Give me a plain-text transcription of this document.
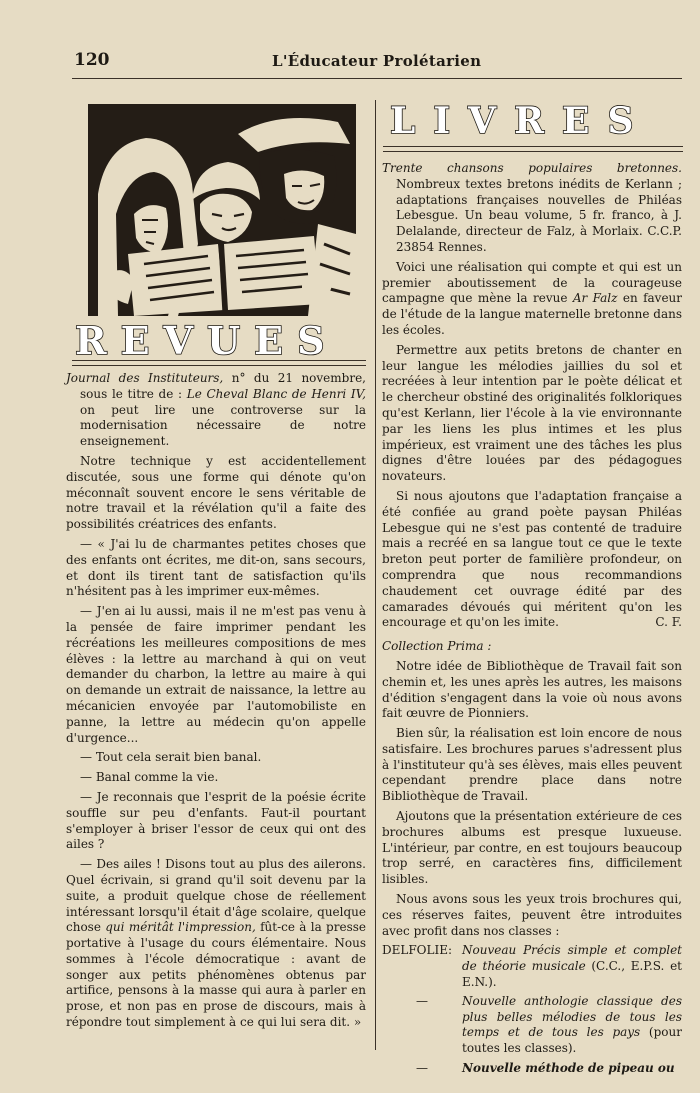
120	L'Éducateur Prolétarien
REVUES
LIVRES

Journal des Instituteurs, n° du 21 novembre, sous le titre de : Le Cheval Blanc de Henri IV, on peut lire une controverse sur la modernisation nécessaire de notre enseignement.

Notre technique y est accidentellement discutée, sous une forme qui dénote qu'on méconnaît souvent encore le sens véritable de notre travail et la révélation qu'il a faite des possibilités créatrices des enfants.

— « J'ai lu de charmantes petites choses que des enfants ont écrites, me dit-on, sans secours, et dont ils tirent tant de satisfaction qu'ils n'hésitent pas à les imprimer eux-mêmes.

— J'en ai lu aussi, mais il ne m'est pas venu à la pensée de faire imprimer pendant les récréations les meilleures compositions de mes élèves : la lettre au marchand à qui on veut demander du charbon, la lettre au maire à qui on demande un extrait de naissance, la lettre au mécanicien envoyée par l'automobiliste en panne, la lettre au médecin qu'on appelle d'urgence...

— Tout cela serait bien banal.

— Banal comme la vie.

— Je reconnais que l'esprit de la poésie écrite souffle sur peu d'enfants. Faut-il pourtant s'employer à briser l'essor de ceux qui ont des ailes ?

— Des ailes ! Disons tout au plus des ailerons. Quel écrivain, si grand qu'il soit devenu par la suite, a produit quelque chose de réellement intéressant lorsqu'il était d'âge scolaire, quelque chose qui méritât l'impression, fût-ce à la presse portative à l'usage du cours élémentaire. Nous sommes à l'école démocratique : avant de songer aux petits phénomènes obtenus par artifice, pensons à la masse qui aura à parler en prose, et non pas en prose de discours, mais à répondre tout simplement à ce qui lui sera dit. »

Trente chansons populaires bretonnes. Nombreux textes bretons inédits de Kerlann ; adaptations françaises nouvelles de Philéas Lebesgue. Un beau volume, 5 fr. franco, à J. Delalande, directeur de Falz, à Morlaix. C.C.P. 23854 Rennes.

Voici une réalisation qui compte et qui est un premier aboutissement de la courageuse campagne que mène la revue Ar Falz en faveur de l'étude de la langue maternelle bretonne dans les écoles.

Permettre aux petits bretons de chanter en leur langue les mélodies jaillies du sol et recréées à leur intention par le poète délicat et le chercheur obstiné des originalités folkloriques qu'est Kerlann, lier l'école à la vie environnante par les liens les plus intimes et les plus impérieux, est vraiment une des tâches les plus dignes d'être louées par des pédagogues novateurs.

Si nous ajoutons que l'adaptation française a été confiée au grand poète paysan Philéas Lebesgue qui ne s'est pas contenté de traduire mais a recréé en sa langue tout ce que le texte breton peut porter de familière profondeur, on comprendra que nous recommandions chaudement cet ouvrage édité par des camarades dévoués qui méritent qu'on les encourage et qu'on les imite.	C. F.

Collection Prima :

Notre idée de Bibliothèque de Travail fait son chemin et, les unes après les autres, les maisons d'édition s'engagent dans la voie où nous avons fait œuvre de Pionniers.

Bien sûr, la réalisation est loin encore de nous satisfaire. Les brochures parues s'adressent plus à l'instituteur qu'à ses élèves, mais elles peuvent cependant prendre place dans notre Bibliothèque de Travail.

Ajoutons que la présentation extérieure de ces brochures albums est presque luxueuse. L'intérieur, par contre, en est toujours beaucoup trop serré, en caractères fins, difficilement lisibles.

Nous avons sous les yeux trois brochures qui, ces réserves faites, peuvent être introduites avec profit dans nos classes :

DELFOLIE:	Nouveau Précis simple et complet de théorie musicale (C.C., E.P.S. et E.N.).
—	Nouvelle anthologie classique des plus belles mélodies de tous les temps et de tous les pays (pour toutes les classes).
—	Nouvelle méthode de pipeau ou
